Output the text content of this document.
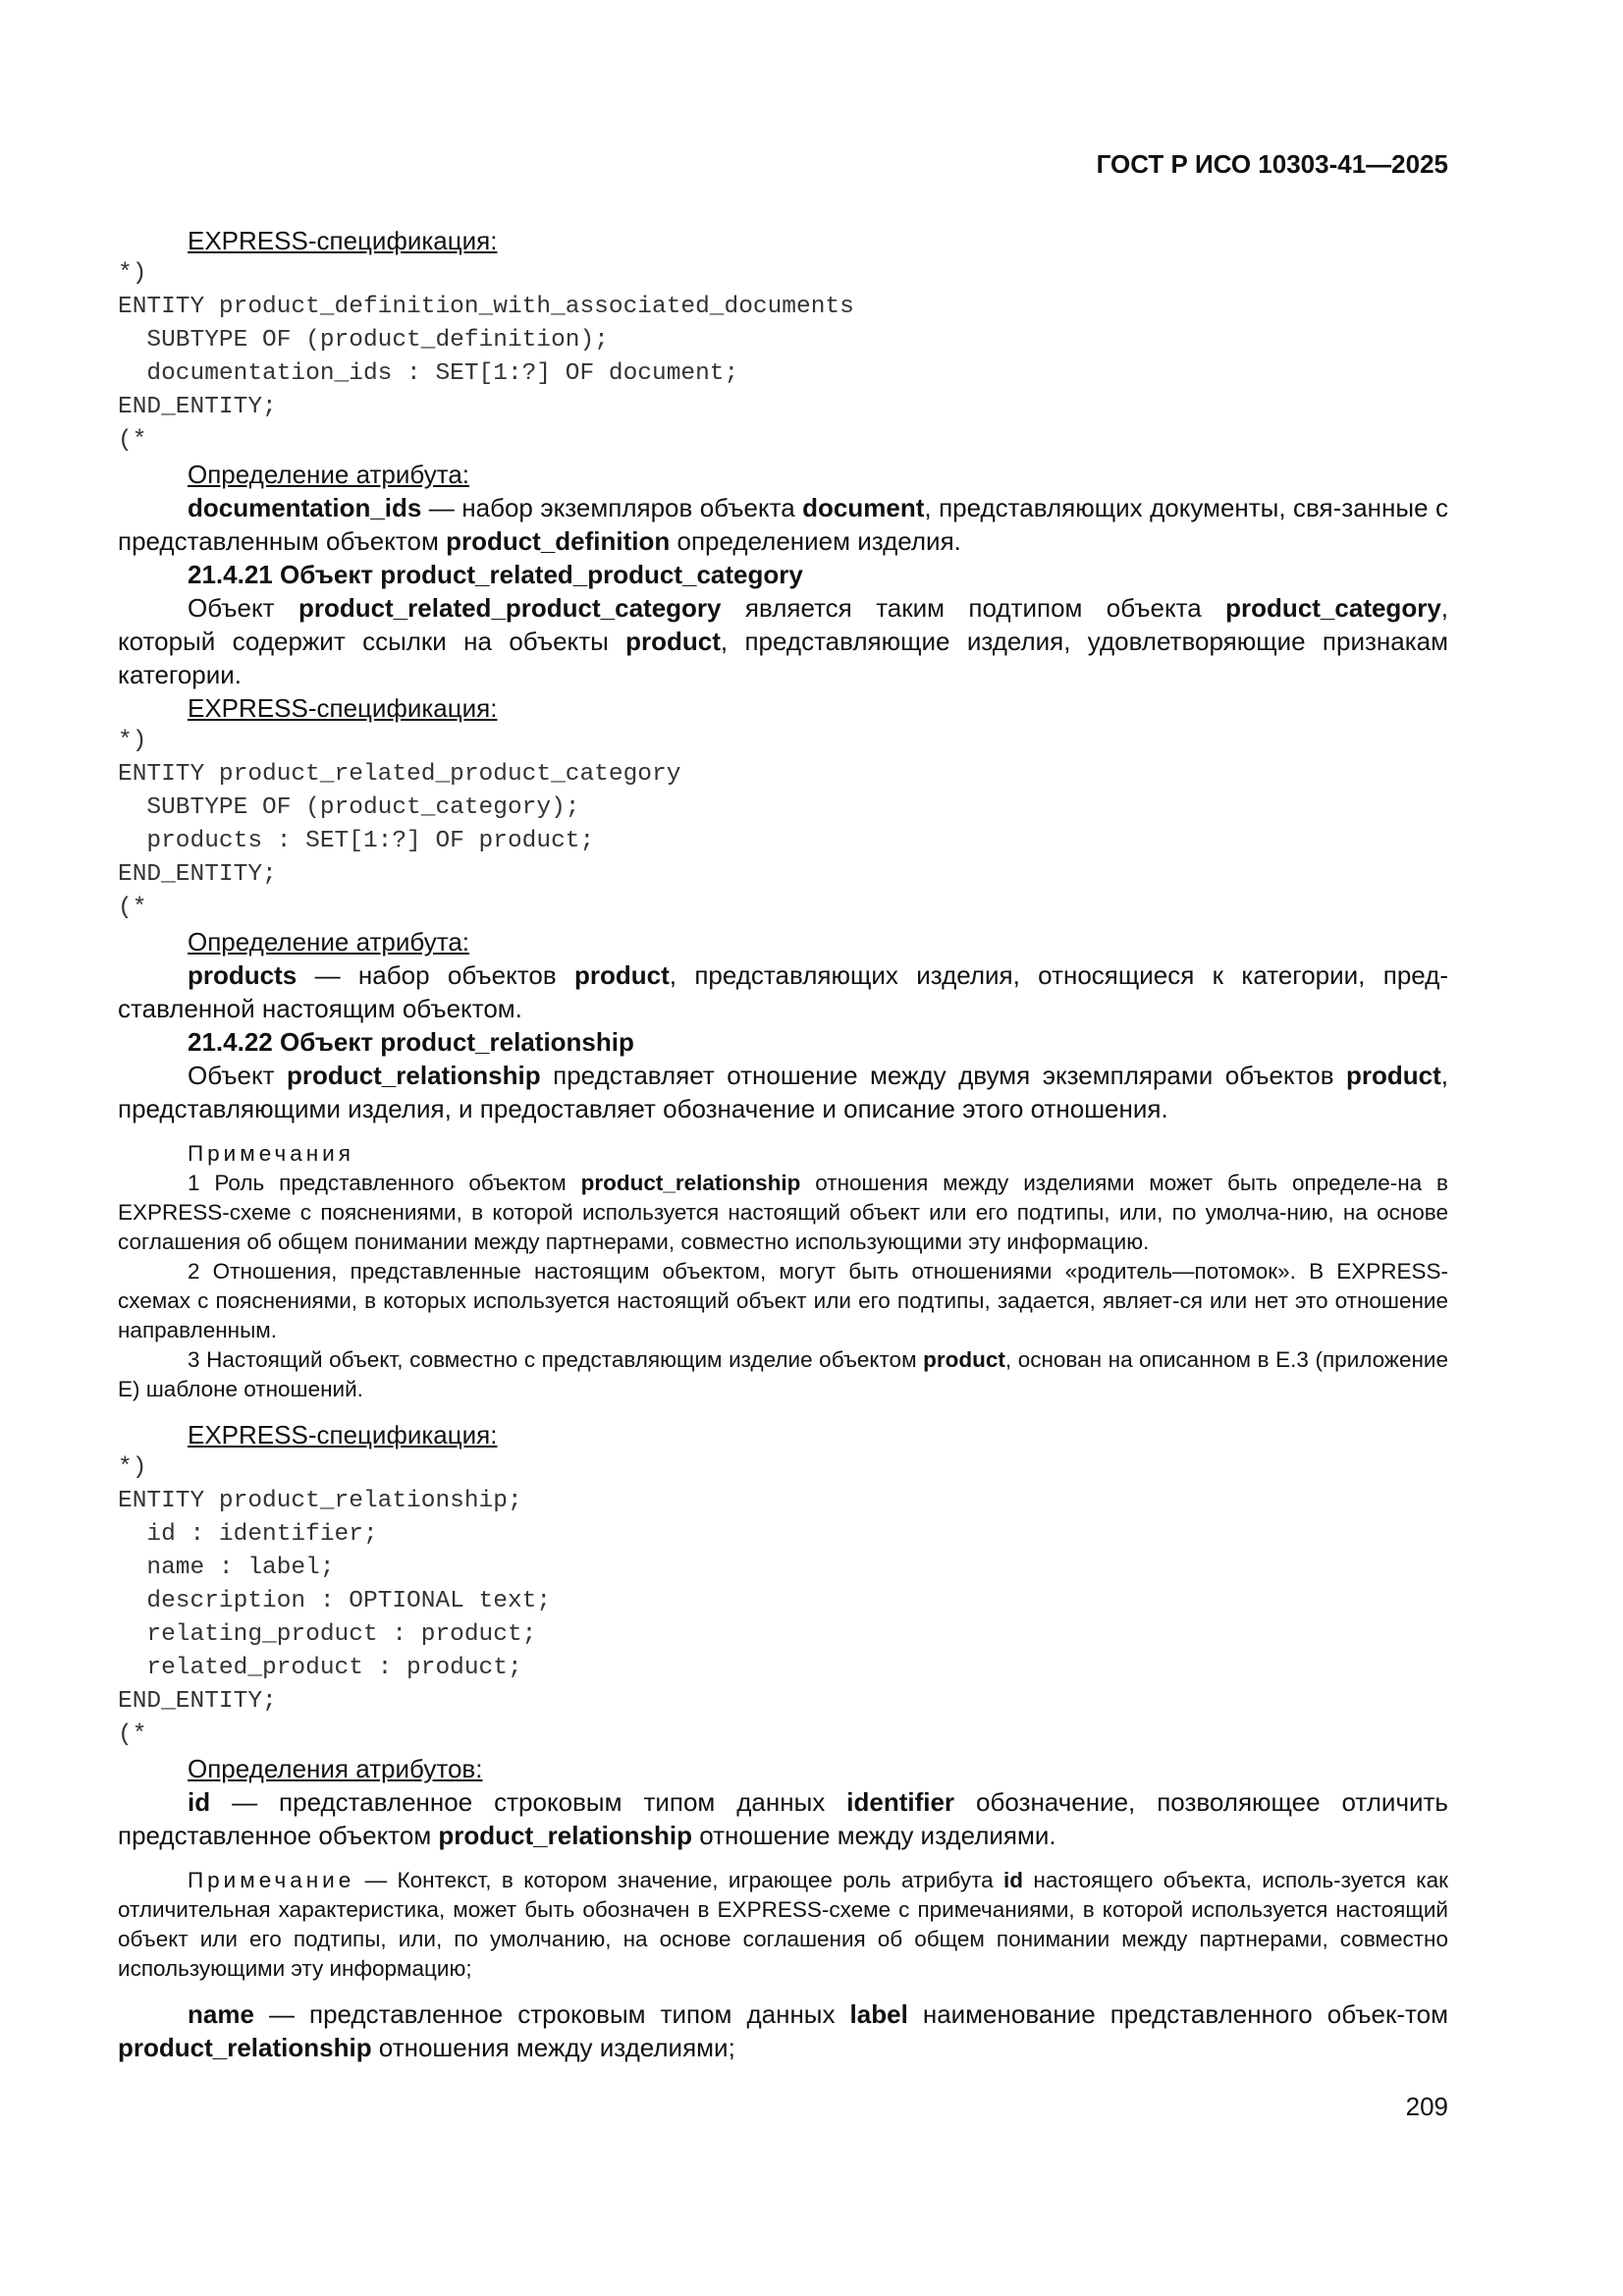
ГОСТ Р ИСО 10303-41—2025

EXPRESS-спецификация:

*)
ENTITY product_definition_with_associated_documents
SUBTYPE OF (product_definition);
documentation_ids : SET[1:?] OF document;
END_ENTITY;
(*

Определение атрибута:

documentation_ids — набор экземпляров объекта document, представляющих документы, свя-занные с представленным объектом product_definition определением изделия.

21.4.21 Объект product_related_product_category

Объект product_related_product_category является таким подтипом объекта product_category, который содержит ссылки на объекты product, представляющие изделия, удовлетворяющие признакам категории.

EXPRESS-спецификация:

*)
ENTITY product_related_product_category
SUBTYPE OF (product_category);
products : SET[1:?] OF product;
END_ENTITY;
(*

Определение атрибута:

products — набор объектов product, представляющих изделия, относящиеся к категории, пред-ставленной настоящим объектом.

21.4.22 Объект product_relationship

Объект product_relationship представляет отношение между двумя экземплярами объектов product, представляющими изделия, и предоставляет обозначение и описание этого отношения.

Примечания

1 Роль представленного объектом product_relationship отношения между изделиями может быть определе-на в EXPRESS-схеме с пояснениями, в которой используется настоящий объект или его подтипы, или, по умолча-нию, на основе соглашения об общем понимании между партнерами, совместно использующими эту информацию.

2 Отношения, представленные настоящим объектом, могут быть отношениями «родитель—потомок». В EXPRESS-схемах с пояснениями, в которых используется настоящий объект или его подтипы, задается, являет-ся или нет это отношение направленным.

3 Настоящий объект, совместно с представляющим изделие объектом product, основан на описанном в Е.3 (приложение Е) шаблоне отношений.

EXPRESS-спецификация:

*)
ENTITY product_relationship;
id : identifier;
name : label;
description : OPTIONAL text;
relating_product : product;
related_product : product;
END_ENTITY;
(*

Определения атрибутов:

id — представленное строковым типом данных identifier обозначение, позволяющее отличить представленное объектом product_relationship отношение между изделиями.

Примечание — Контекст, в котором значение, играющее роль атрибута id настоящего объекта, исполь-зуется как отличительная характеристика, может быть обозначен в EXPRESS-схеме с примечаниями, в которой используется настоящий объект или его подтипы, или, по умолчанию, на основе соглашения об общем понимании между партнерами, совместно использующими эту информацию;

name — представленное строковым типом данных label наименование представленного объек-том product_relationship отношения между изделиями;

209
